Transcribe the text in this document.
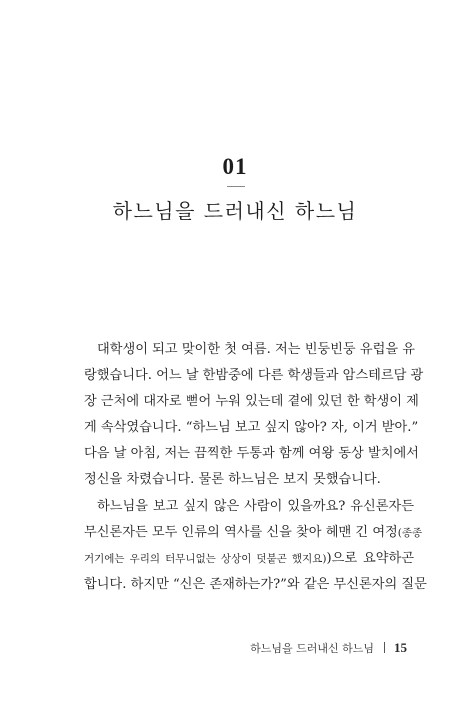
01
하느님을 드러내신 하느님
대학생이 되고 맞이한 첫 여름. 저는 빈둥빈둥 유럽을 유
랑했습니다. 어느 날 한밤중에 다른 학생들과 암스테르담 광
장 근처에 대자로 뻗어 누워 있는데 곁에 있던 한 학생이 제
게 속삭였습니다. “하느님 보고 싶지 않아? 자, 이거 받아.”
다음 날 아침, 저는 끔찍한 두통과 함께 여왕 동상 발치에서
정신을 차렸습니다. 물론 하느님은 보지 못했습니다.
하느님을 보고 싶지 않은 사람이 있을까요? 유신론자든
무신론자든 모두 인류의 역사를 신을 찾아 헤맨 긴 여정(종종
거기에는 우리의 터무니없는 상상이 덧붙곤 했지요))으로 요약하곤
합니다. 하지만 “신은 존재하는가?”와 같은 무신론자의 질문
하느님을 드러내신 하느님 15
